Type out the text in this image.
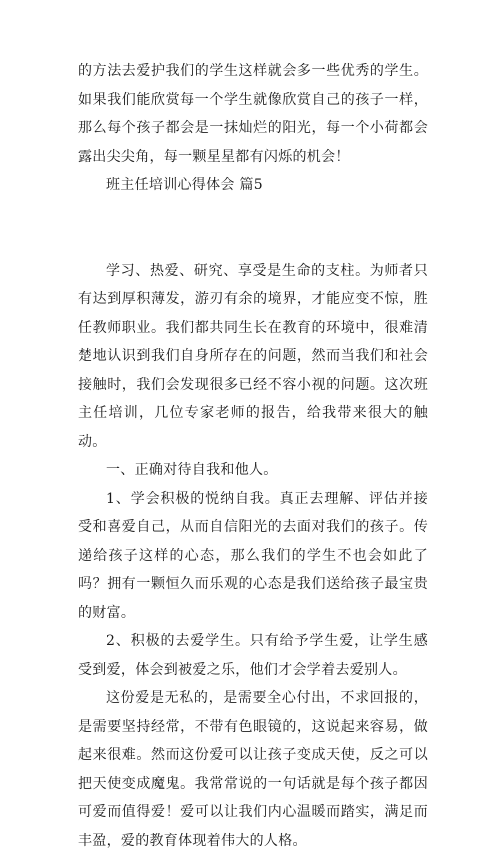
的方法去爱护我们的学生这样就会多一些优秀的学生。如果我们能欣赏每一个学生就像欣赏自己的孩子一样，那么每个孩子都会是一抹灿烂的阳光，每一个小荷都会露出尖尖角，每一颗星星都有闪烁的机会！

班主任培训心得体会 篇5

学习、热爱、研究、享受是生命的支柱。为师者只有达到厚积薄发，游刃有余的境界，才能应变不惊，胜任教师职业。我们都共同生长在教育的环境中，很难清楚地认识到我们自身所存在的问题，然而当我们和社会接触时，我们会发现很多已经不容小视的问题。这次班主任培训，几位专家老师的报告，给我带来很大的触动。

一、正确对待自我和他人。

1、学会积极的悦纳自我。真正去理解、评估并接受和喜爱自己，从而自信阳光的去面对我们的孩子。传递给孩子这样的心态，那么我们的学生不也会如此了吗？拥有一颗恒久而乐观的心态是我们送给孩子最宝贵的财富。

2、积极的去爱学生。只有给予学生爱，让学生感受到爱，体会到被爱之乐，他们才会学着去爱别人。

这份爱是无私的，是需要全心付出，不求回报的，是需要坚持经常，不带有色眼镜的，这说起来容易，做起来很难。然而这份爱可以让孩子变成天使，反之可以把天使变成魔鬼。我常常说的一句话就是每个孩子都因可爱而值得爱！爱可以让我们内心温暖而踏实，满足而丰盈，爱的教育体现着伟大的人格。
